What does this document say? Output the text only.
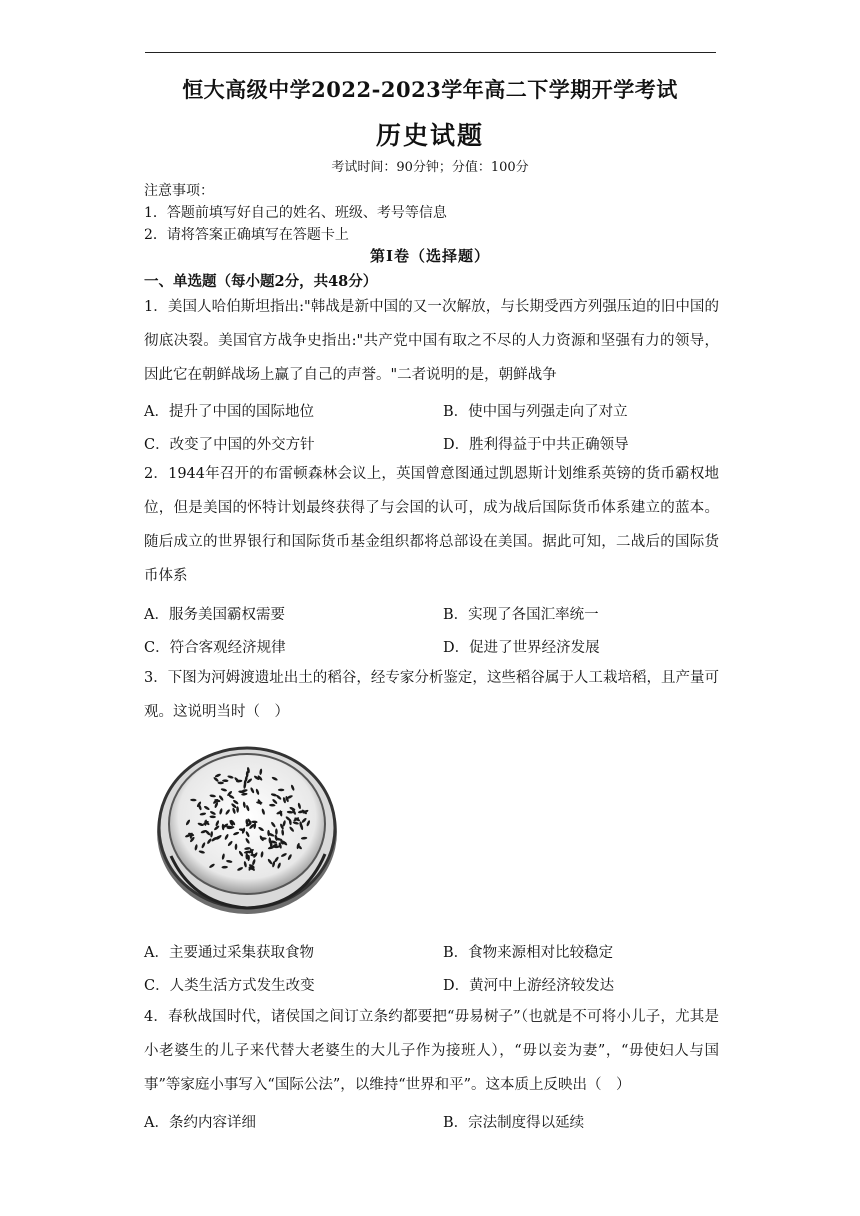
恒大高级中学2022-2023学年高二下学期开学考试
历史试题
考试时间：90分钟；分值：100分
注意事项：
1．答题前填写好自己的姓名、班级、考号等信息
2．请将答案正确填写在答题卡上
第I卷（选择题）
一、单选题（每小题2分，共48分）
1．美国人哈伯斯坦指出:"韩战是新中国的又一次解放，与长期受西方列强压迫的旧中国的彻底决裂。美国官方战争史指出:"共产党中国有取之不尽的人力资源和坚强有力的领导，因此它在朝鲜战场上赢了自己的声誉。"二者说明的是，朝鲜战争
A．提升了中国的国际地位	B．使中国与列强走向了对立
C．改变了中国的外交方针	D．胜利得益于中共正确领导
2．1944年召开的布雷顿森林会议上，英国曾意图通过凯恩斯计划维系英镑的货币霸权地位，但是美国的怀特计划最终获得了与会国的认可，成为战后国际货币体系建立的蓝本。随后成立的世界银行和国际货币基金组织都将总部设在美国。据此可知，二战后的国际货币体系
A．服务美国霸权需要	B．实现了各国汇率统一
C．符合客观经济规律	D．促进了世界经济发展
3．下图为河姆渡遗址出土的稻谷，经专家分析鉴定，这些稻谷属于人工栽培稻，且产量可观。这说明当时（　）
A．主要通过采集获取食物	B．食物来源相对比较稳定
C．人类生活方式发生改变	D．黄河中上游经济较发达
4．春秋战国时代，诸侯国之间订立条约都要把“毋易树子”（也就是不可将小儿子，尤其是小老婆生的儿子来代替大老婆生的大儿子作为接班人），“毋以妾为妻”，“毋使妇人与国事”等家庭小事写入“国际公法”，以维持“世界和平”。这本质上反映出（　）
A．条约内容详细	B．宗法制度得以延续
